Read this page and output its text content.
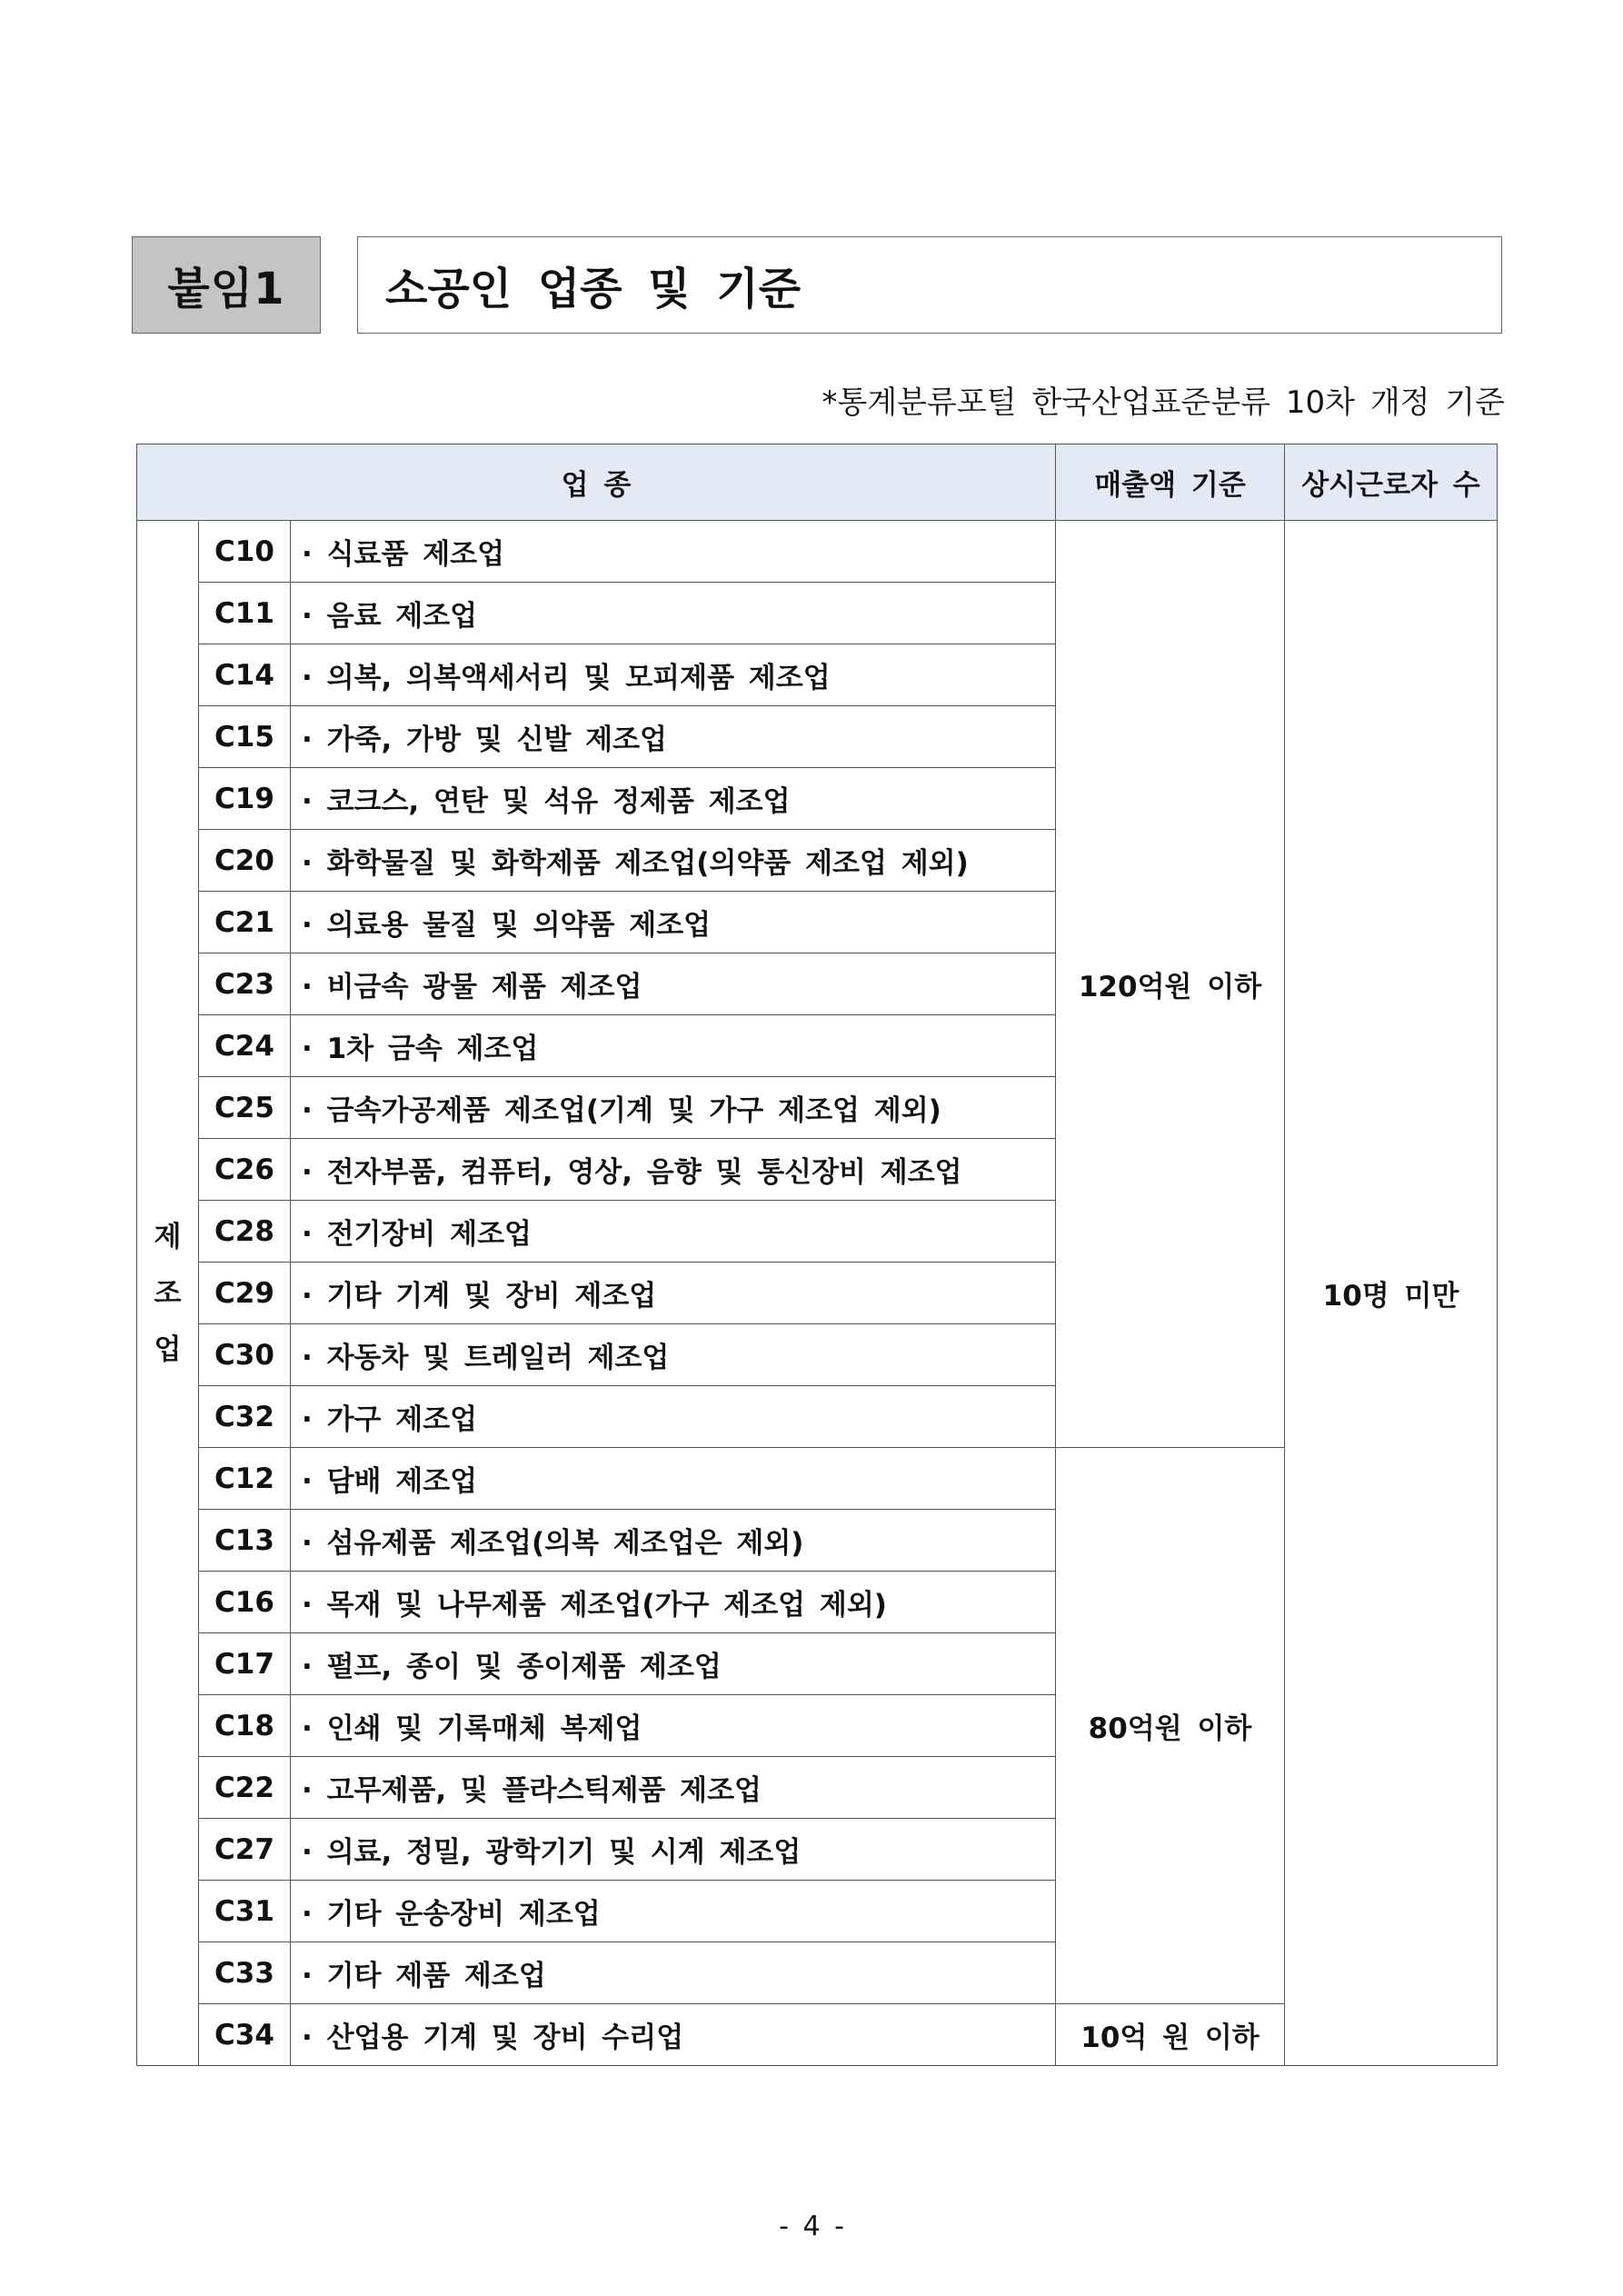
붙임1	소공인 업종 및 기준
*통계분류포털 한국산업표준분류 10차 개정 기준
업 종			매출액 기준	상시근로자 수
제
조
업	C10	· 식료품 제조업	120억원 이하	10명 미만
	C11	· 음료 제조업		
	C14	· 의복, 의복액세서리 및 모피제품 제조업		
	C15	· 가죽, 가방 및 신발 제조업		
	C19	· 코크스, 연탄 및 석유 정제품 제조업		
	C20	· 화학물질 및 화학제품 제조업(의약품 제조업 제외)		
	C21	· 의료용 물질 및 의약품 제조업		
	C23	· 비금속 광물 제품 제조업		
	C24	· 1차 금속 제조업		
	C25	· 금속가공제품 제조업(기계 및 가구 제조업 제외)		
	C26	· 전자부품, 컴퓨터, 영상, 음향 및 통신장비 제조업		
	C28	· 전기장비 제조업		
	C29	· 기타 기계 및 장비 제조업		
	C30	· 자동차 및 트레일러 제조업		
	C32	· 가구 제조업		
	C12	· 담배 제조업	80억원 이하	
	C13	· 섬유제품 제조업(의복 제조업은 제외)		
	C16	· 목재 및 나무제품 제조업(가구 제조업 제외)		
	C17	· 펄프, 종이 및 종이제품 제조업		
	C18	· 인쇄 및 기록매체 복제업		
	C22	· 고무제품, 및 플라스틱제품 제조업		
	C27	· 의료, 정밀, 광학기기 및 시계 제조업		
	C31	· 기타 운송장비 제조업		
	C33	· 기타 제품 제조업		
	C34	· 산업용 기계 및 장비 수리업	10억 원 이하	
- 4 -
